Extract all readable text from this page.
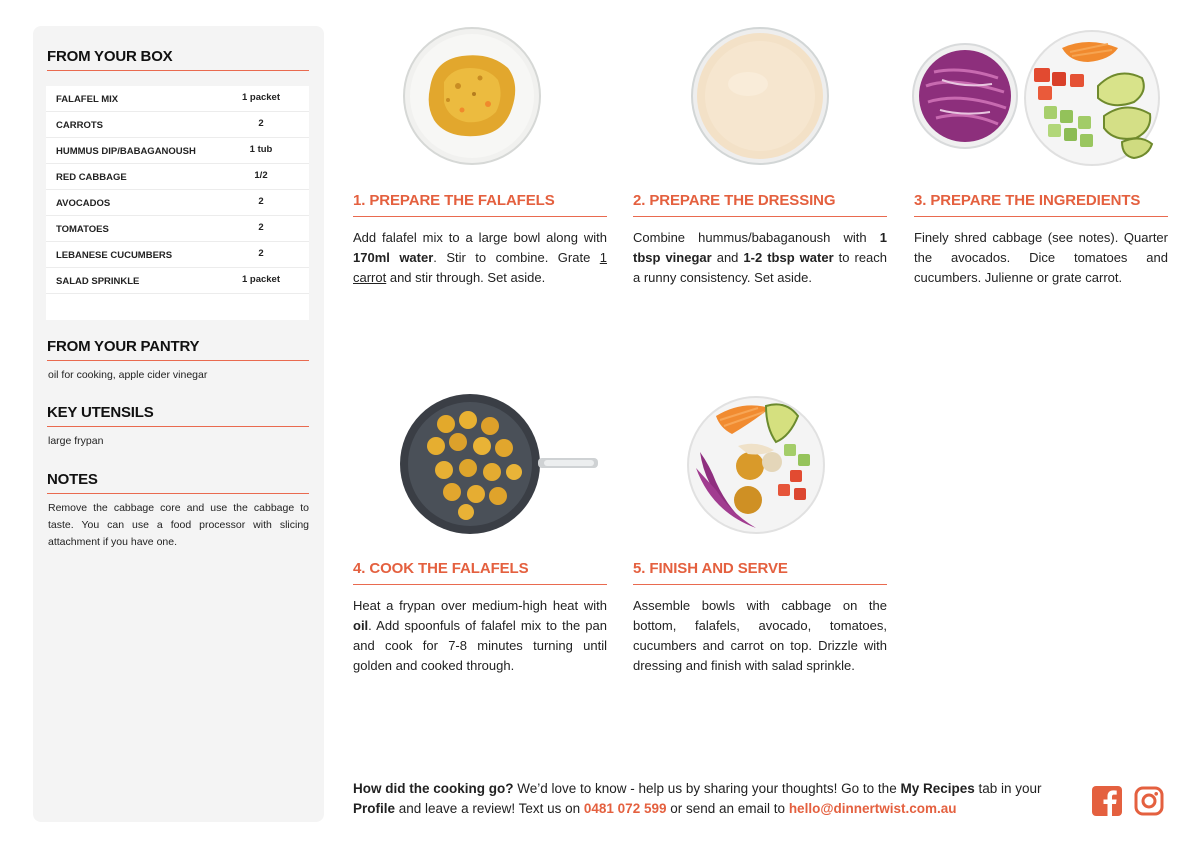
FROM YOUR BOX
FALAFEL MIX	1 packet
CARROTS	2
HUMMUS DIP/BABAGANOUSH	1 tub
RED CABBAGE	1/2
AVOCADOS	2
TOMATOES	2
LEBANESE CUCUMBERS	2
SALAD SPRINKLE	1 packet
FROM YOUR PANTRY
oil for cooking, apple cider vinegar
KEY UTENSILS
large frypan
NOTES
Remove the cabbage core and use the cabbage to taste. You can use a food processor with slicing attachment if you have one.
1. PREPARE THE FALAFELS
Add falafel mix to a large bowl along with 170ml water. Stir to combine. Grate 1 carrot and stir through. Set aside.
2. PREPARE THE DRESSING
Combine hummus/babaganoush with 1 tbsp vinegar and 1-2 tbsp water to reach a runny consistency. Set aside.
3. PREPARE THE INGREDIENTS
Finely shred cabbage (see notes). Quarter the avocados. Dice tomatoes and cucumbers. Julienne or grate carrot.
4. COOK THE FALAFELS
Heat a frypan over medium-high heat with oil. Add spoonfuls of falafel mix to the pan and cook for 7-8 minutes turning until golden and cooked through.
5. FINISH AND SERVE
Assemble bowls with cabbage on the bottom, falafels, avocado, tomatoes, cucumbers and carrot on top. Drizzle with dressing and finish with salad sprinkle.
How did the cooking go? We’d love to know - help us by sharing your thoughts! Go to the My Recipes tab in your Profile and leave a review! Text us on 0481 072 599 or send an email to hello@dinnertwist.com.au
